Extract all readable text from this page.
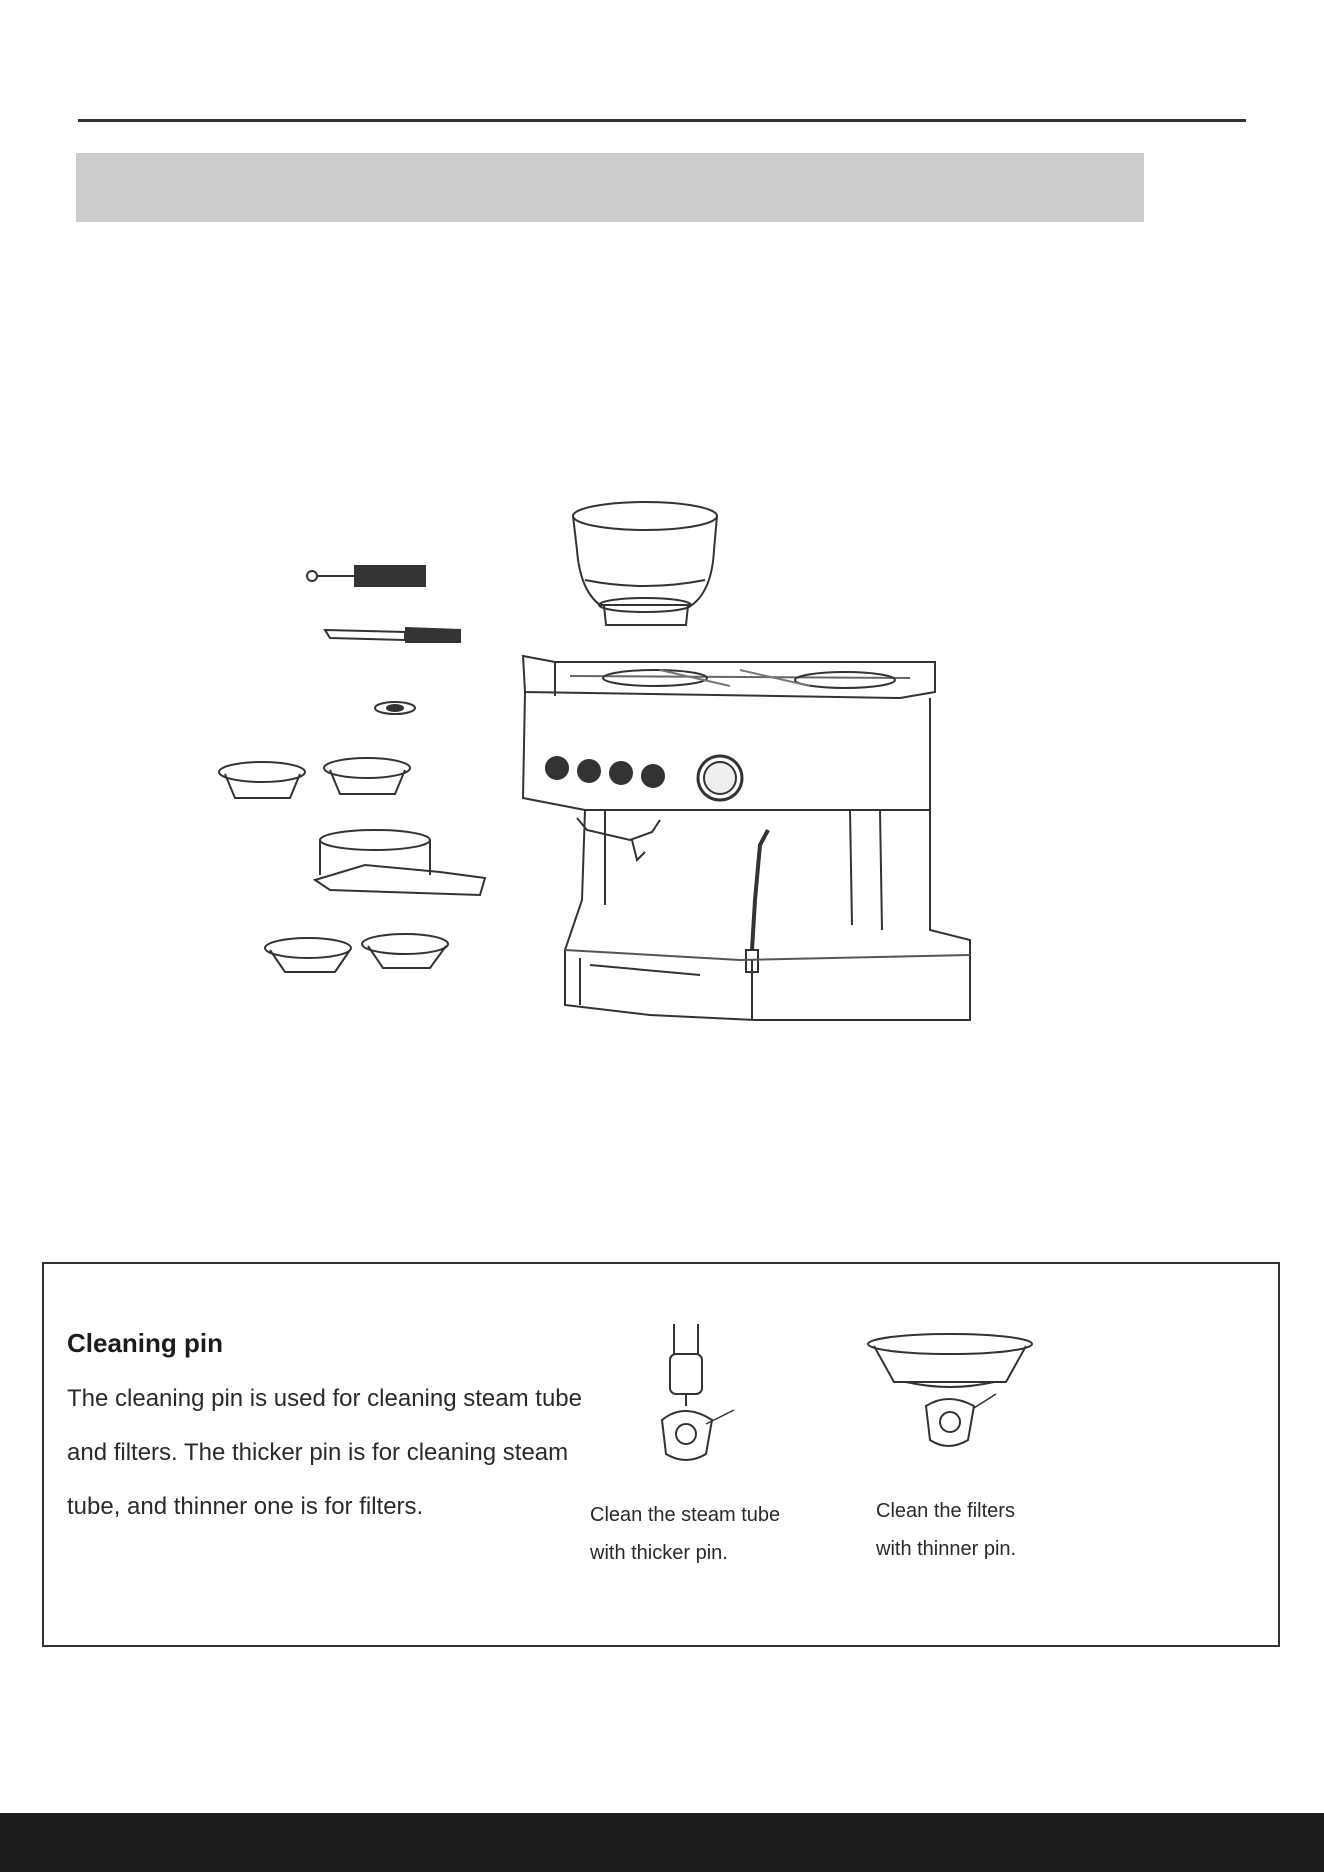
Cleaning pin

The cleaning pin is used for cleaning steam tube and filters. The thicker pin is for cleaning steam tube, and thinner one is for filters.	Clean the steam tube
with thicker pin.

Clean the filters
with thinner pin.
